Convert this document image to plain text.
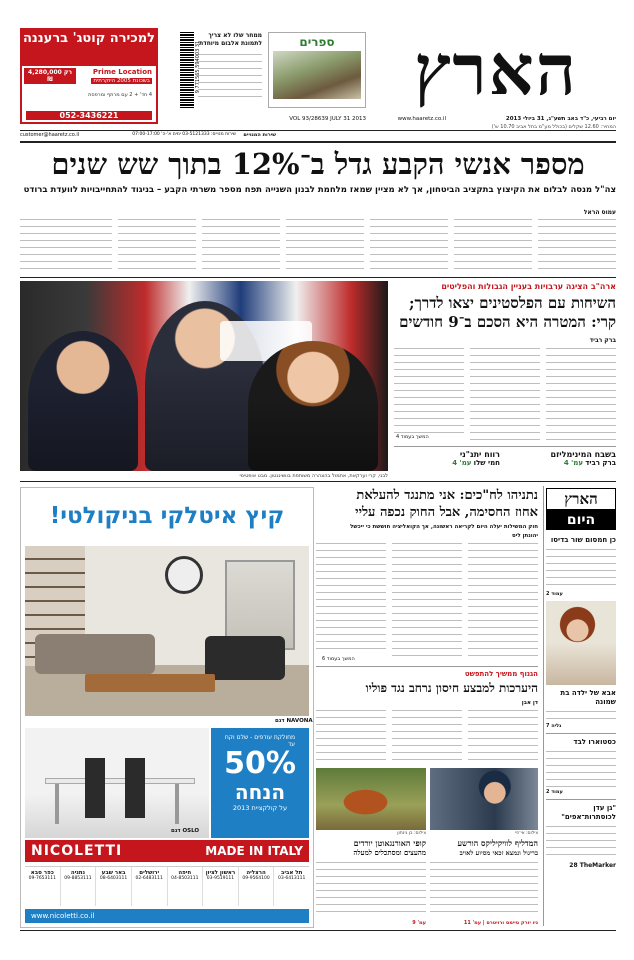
הארץ
יום רביעי, כ"ד באב תשע"ג, 31 ביולי 2013
www.haaretz.co.il
VOL 93/28639 JULY 31 2013
המחיר: 12.60 שקלים (בכולל מע"מ בתל אביב 10.70 ש')
ספרים
ממחר שלו לא צריך לתמונת אלבום מיוחדת
9 771565 594003 31
למכירה קוטג' ברעננה
רק 4,280,000 ₪
Prime Location
בשכונת 2005 היוקרתית
4 חד' + 2 עם מרתף ומרפסת
052-3436221
שירות המנויים
שירות מנויים: 03-5121333 ימים א'-ה' 07:00-17:00
customer@haaretz.co.il
מספר אנשי הקבע גדל ב־12% בתוך שש שנים
צה"ל מנסה לבלום את הקיצוץ בתקציב הביטחון, אך לא מציין שמאז מלחמת לבנון השנייה תפח מספר משרתי הקבע – בניגוד להתחייבויות לוועדת ברודט
עמוס הראל
לבני, קרי וערקאת, אתמול בהצהרה משותפת בוושינגטון. מבט אופטימי
ארה"ב הציגה ערבויות בעניין הגבולות והפליטים
השיחות עם הפלסטינים יצאו לדרך;
קרי: המטרה היא הסכם ב־9 חודשים
ברק רביד
המשך בעמוד 4
בשבח המינימליזם
ברק רביד עמ' 4
רווח יתנ"ני
חמי שלו עמ' 4
הארץ
היום
כן חמסום שור בדיסו
עמוד 2
אבא של ילדה בת שמונה
גליה 7
כסטוארו לבד
עמוד 2
"גן עדן לכוסתרות־אפים"
28 TheMarker
נתניהו לח"כים: אני מתנגד להעלאת
אחוז החסימה, אבל החוק נכפה עליי
חוק המשילות יעלה היום לקריאה ראשונה, אך הקואליציה חוששת כי ייכשל
יהונתן ליס
המשך בעמוד 6
הגנוף ממשיך להתפשט
היערכות למבצע חיסון נרחב נגד פוליו
דן אבן
צילום: אי־פי
צילום: בן גינתון
המדליף לוויקיליקס הורשע
בריגול ונמצא זכאי מסיוע לאויב
ניו יורק טיימס ורויטרס | עמ' 11
קופי האורנגאוטן יורדים
מהעצים ומסתכלים למעלה
עמ' 9
קיץ איטלקי בניקולטי!
דגם NAVONA
דגם OSLO
מחולקת עודפים - שלם וקח
עד
50%
הנחה
על קולקציית 2013
NICOLETTI	MADE IN ITALY
תל אביב
03-6413111
הרצליה
09-9564100
ראשון לציון
03-9519111
חיפה
04-8503111
ירושלים
02-6483111
באר שבע
08-6403111
נתניה
09-8853111
כפר סבא
09-7653111
www.nicoletti.co.il
